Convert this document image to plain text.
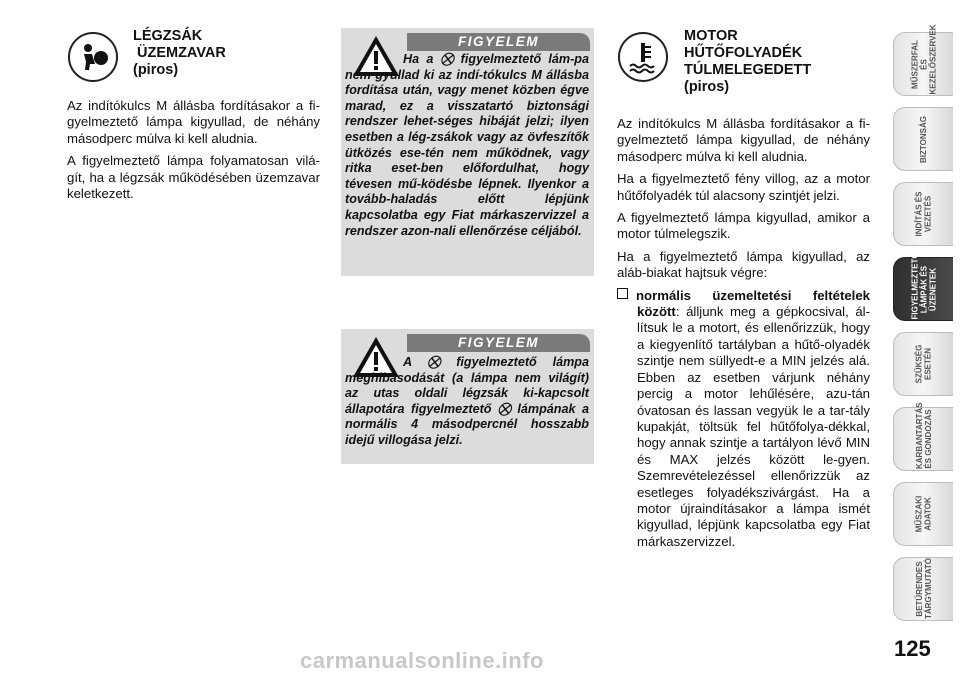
LÉGZSÁK
ÜZEMZAVAR
(piros)

Az indítókulcs M állásba fordításakor a fi-gyelmeztető lámpa kigyullad, de néhány másodperc múlva ki kell aludnia.

A figyelmeztető lámpa folyamatosan vilá-gít, ha a légzsák működésében üzemzavar keletkezett.

FIGYELEM
Ha a ⛒ figyelmeztető lám-pa nem gyullad ki az indí-tókulcs M állásba fordítása után, vagy menet közben égve marad, ez a visszatartó biztonsági rendszer lehet-séges hibáját jelzi; ilyen esetben a lég-zsákok vagy az övfeszítők ütközés ese-tén nem működnek, vagy ritka eset-ben előfordulhat, hogy tévesen mű-ködésbe lépnek. Ilyenkor a tovább-haladás előtt lépjünk kapcsolatba egy Fiat márkaszervizzel a rendszer azon-nali ellenőrzése céljából.
FIGYELEM
A ⛒ figyelmeztető lámpa meghibásodását (a lámpa nem világít) az utas oldali légzsák ki-kapcsolt állapotára figyelmeztető ⛒ lámpának a normális 4 másodpercnél hosszabb idejű villogása jelzi.
MOTOR
HŰTŐFOLYADÉK
TÚLMELEGEDETT
(piros)

Az indítókulcs M állásba fordításakor a fi-gyelmeztető lámpa kigyullad, de néhány másodperc múlva ki kell aludnia.

Ha a figyelmeztető fény villog, az a motor hűtőfolyadék túl alacsony szintjét jelzi.

A figyelmeztető lámpa kigyullad, amikor a motor túlmelegszik.

Ha a figyelmeztető lámpa kigyullad, az aláb-biakat hajtsuk végre:

normális üzemeltetési feltételek között: álljunk meg a gépkocsival, ál-lítsuk le a motort, és ellenőrizzük, hogy a kiegyenlítő tartályban a hűtő-olyadék szintje nem süllyedt-e a MIN jelzés alá. Ebben az esetben várjunk néhány percig a motor lehűlésére, azu-tán óvatosan és lassan vegyük le a tar-tály kupakját, töltsük fel hűtőfolya-dékkal, hogy annak szintje a tartályon lévő MIN és MAX jelzés között le-gyen. Szemrevételezéssel ellenőrizzük az esetleges folyadékszivárgást. Ha a motor újraindításakor a lámpa ismét kigyullad, lépjünk kapcsolatba egy Fiat márkaszervizzel.
MŰSZERFAL ÉS
KEZELŐSZERVEK
BIZTONSÁG
INDÍTÁS ÉS
VEZETÉS
FIGYELMEZTETŐ
LÁMPÁK ÉS
ÜZENETEK
SZÜKSÉG
ESETÉN
KARBANTARTÁS
ÉS GONDOZÁS
MŰSZAKI
ADATOK
BETŰRENDES
TÁRGYMUTATÓ
125
carmanualsonline.info
